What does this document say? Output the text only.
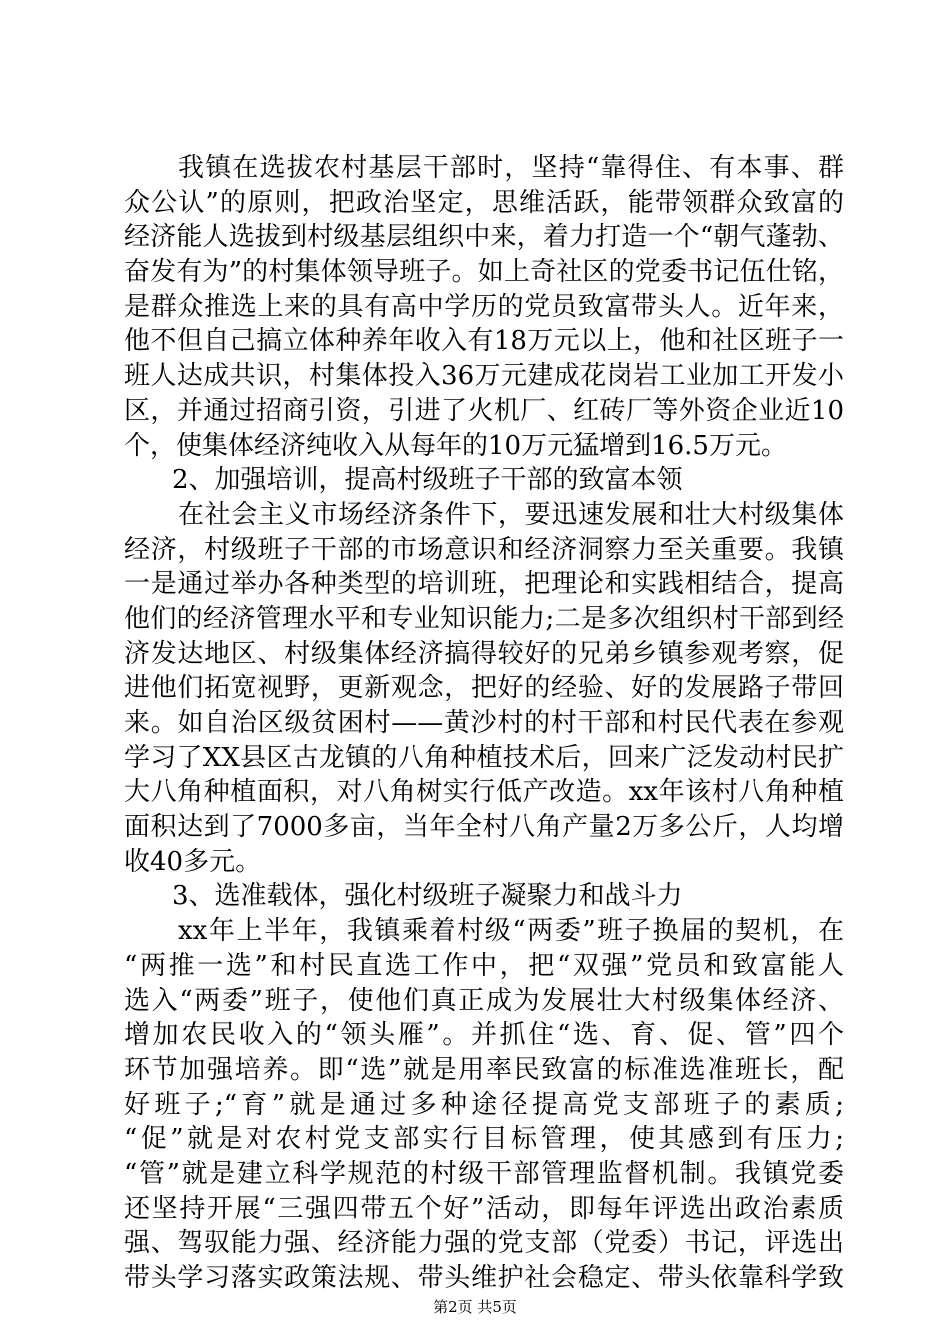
我镇在选拔农村基层干部时，坚持“靠得住、有本事、群
众公认”的原则，把政治坚定，思维活跃，能带领群众致富的
经济能人选拔到村级基层组织中来，着力打造一个“朝气蓬勃、
奋发有为”的村集体领导班子。如上奇社区的党委书记伍仕铭，
是群众推选上来的具有高中学历的党员致富带头人。近年来，
他不但自己搞立体种养年收入有18万元以上，他和社区班子一
班人达成共识，村集体投入36万元建成花岗岩工业加工开发小
区，并通过招商引资，引进了火机厂、红砖厂等外资企业近10
个，使集体经济纯收入从每年的10万元猛增到16.5万元。
2、加强培训，提高村级班子干部的致富本领
在社会主义市场经济条件下，要迅速发展和壮大村级集体
经济，村级班子干部的市场意识和经济洞察力至关重要。我镇
一是通过举办各种类型的培训班，把理论和实践相结合，提高
他们的经济管理水平和专业知识能力;二是多次组织村干部到经
济发达地区、村级集体经济搞得较好的兄弟乡镇参观考察，促
进他们拓宽视野，更新观念，把好的经验、好的发展路子带回
来。如自治区级贫困村——黄沙村的村干部和村民代表在参观
学习了XX县区古龙镇的八角种植技术后，回来广泛发动村民扩
大八角种植面积，对八角树实行低产改造。xx年该村八角种植
面积达到了7000多亩，当年全村八角产量2万多公斤，人均增
收40多元。
3、选准载体，强化村级班子凝聚力和战斗力
xx年上半年，我镇乘着村级“两委”班子换届的契机，在
“两推一选”和村民直选工作中，把“双强”党员和致富能人
选入“两委”班子，使他们真正成为发展壮大村级集体经济、
增加农民收入的“领头雁”。并抓住“选、育、促、管”四个
环节加强培养。即“选”就是用率民致富的标准选准班长，配
好班子;“育”就是通过多种途径提高党支部班子的素质;
“促”就是对农村党支部实行目标管理，使其感到有压力;
“管”就是建立科学规范的村级干部管理监督机制。我镇党委
还坚持开展“三强四带五个好”活动，即每年评选出政治素质
强、驾驭能力强、经济能力强的党支部（党委）书记，评选出
带头学习落实政策法规、带头维护社会稳定、带头依靠科学致
第2页 共5页
